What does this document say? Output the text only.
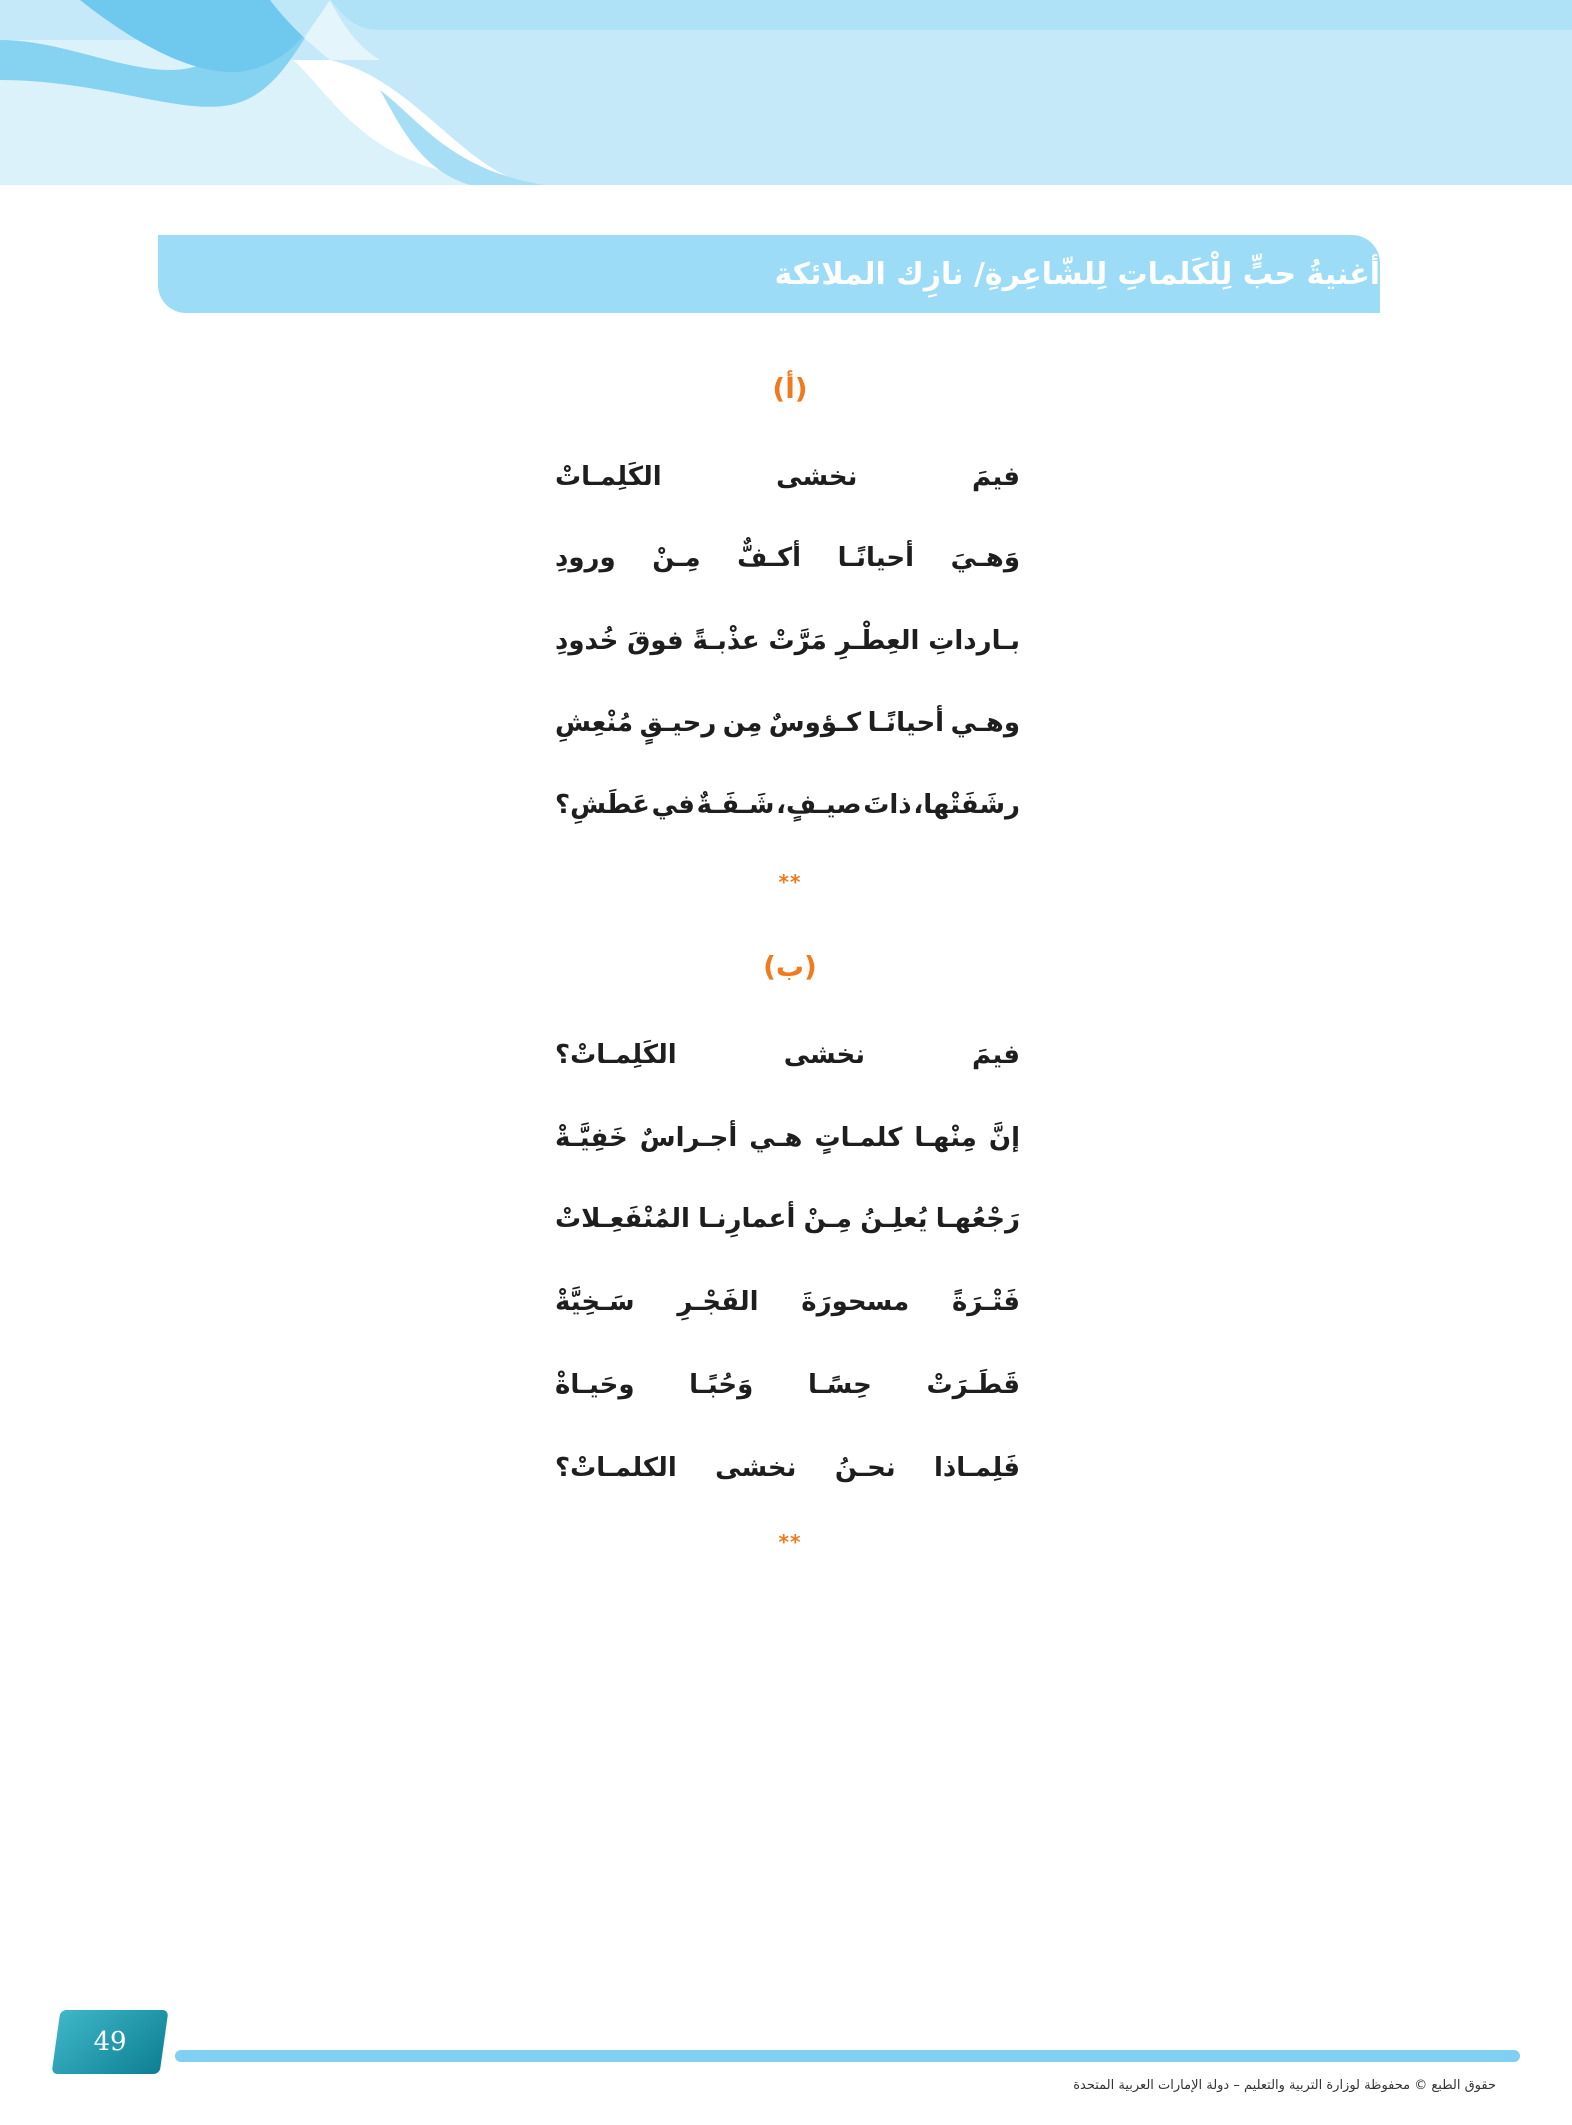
أغنيةُ حبٍّ لِلْكَلماتِ لِلشّاعِرةِ/ نازِك الملائكة
(أ)
فيمَ
نخشى
الكَلِمـاتْ
وَهـيَ
أحيانًـا
أكـفٌّ
مِـنْ
ورودِ
بـارداتِ
العِطْـرِ
مَرَّتْ
عذْبـةً
فوقَ
خُدودِ
وهـي
أحيانًـا
كـؤوسٌ
مِن
رحيـقٍ
مُنْعِشِ
رشَفَتْها،
ذاتَ
صيـفٍ،
شَـفَـةٌ
في
عَطَشِ؟
**
(ب)
فيمَ
نخشى
الكَلِمـاتْ؟
إنَّ
مِنْهـا
كلمـاتٍ
هـي
أجـراسٌ
خَفِيَّـةْ
رَجْعُهـا
يُعلِـنُ
مِـنْ
أعمارِنـا
المُنْفَعِـلاتْ
فَتْـرَةً
مسحورَةَ
الفَجْـرِ
سَـخِيَّةْ
قَطَـرَتْ
حِسًـا
وَحُبًـا
وحَيـاةْ
فَلِمـاذا
نحـنُ
نخشى
الكلمـاتْ؟
**
49
حقوق الطبع © محفوظة لوزارة التربية والتعليم – دولة الإمارات العربية المتحدة
